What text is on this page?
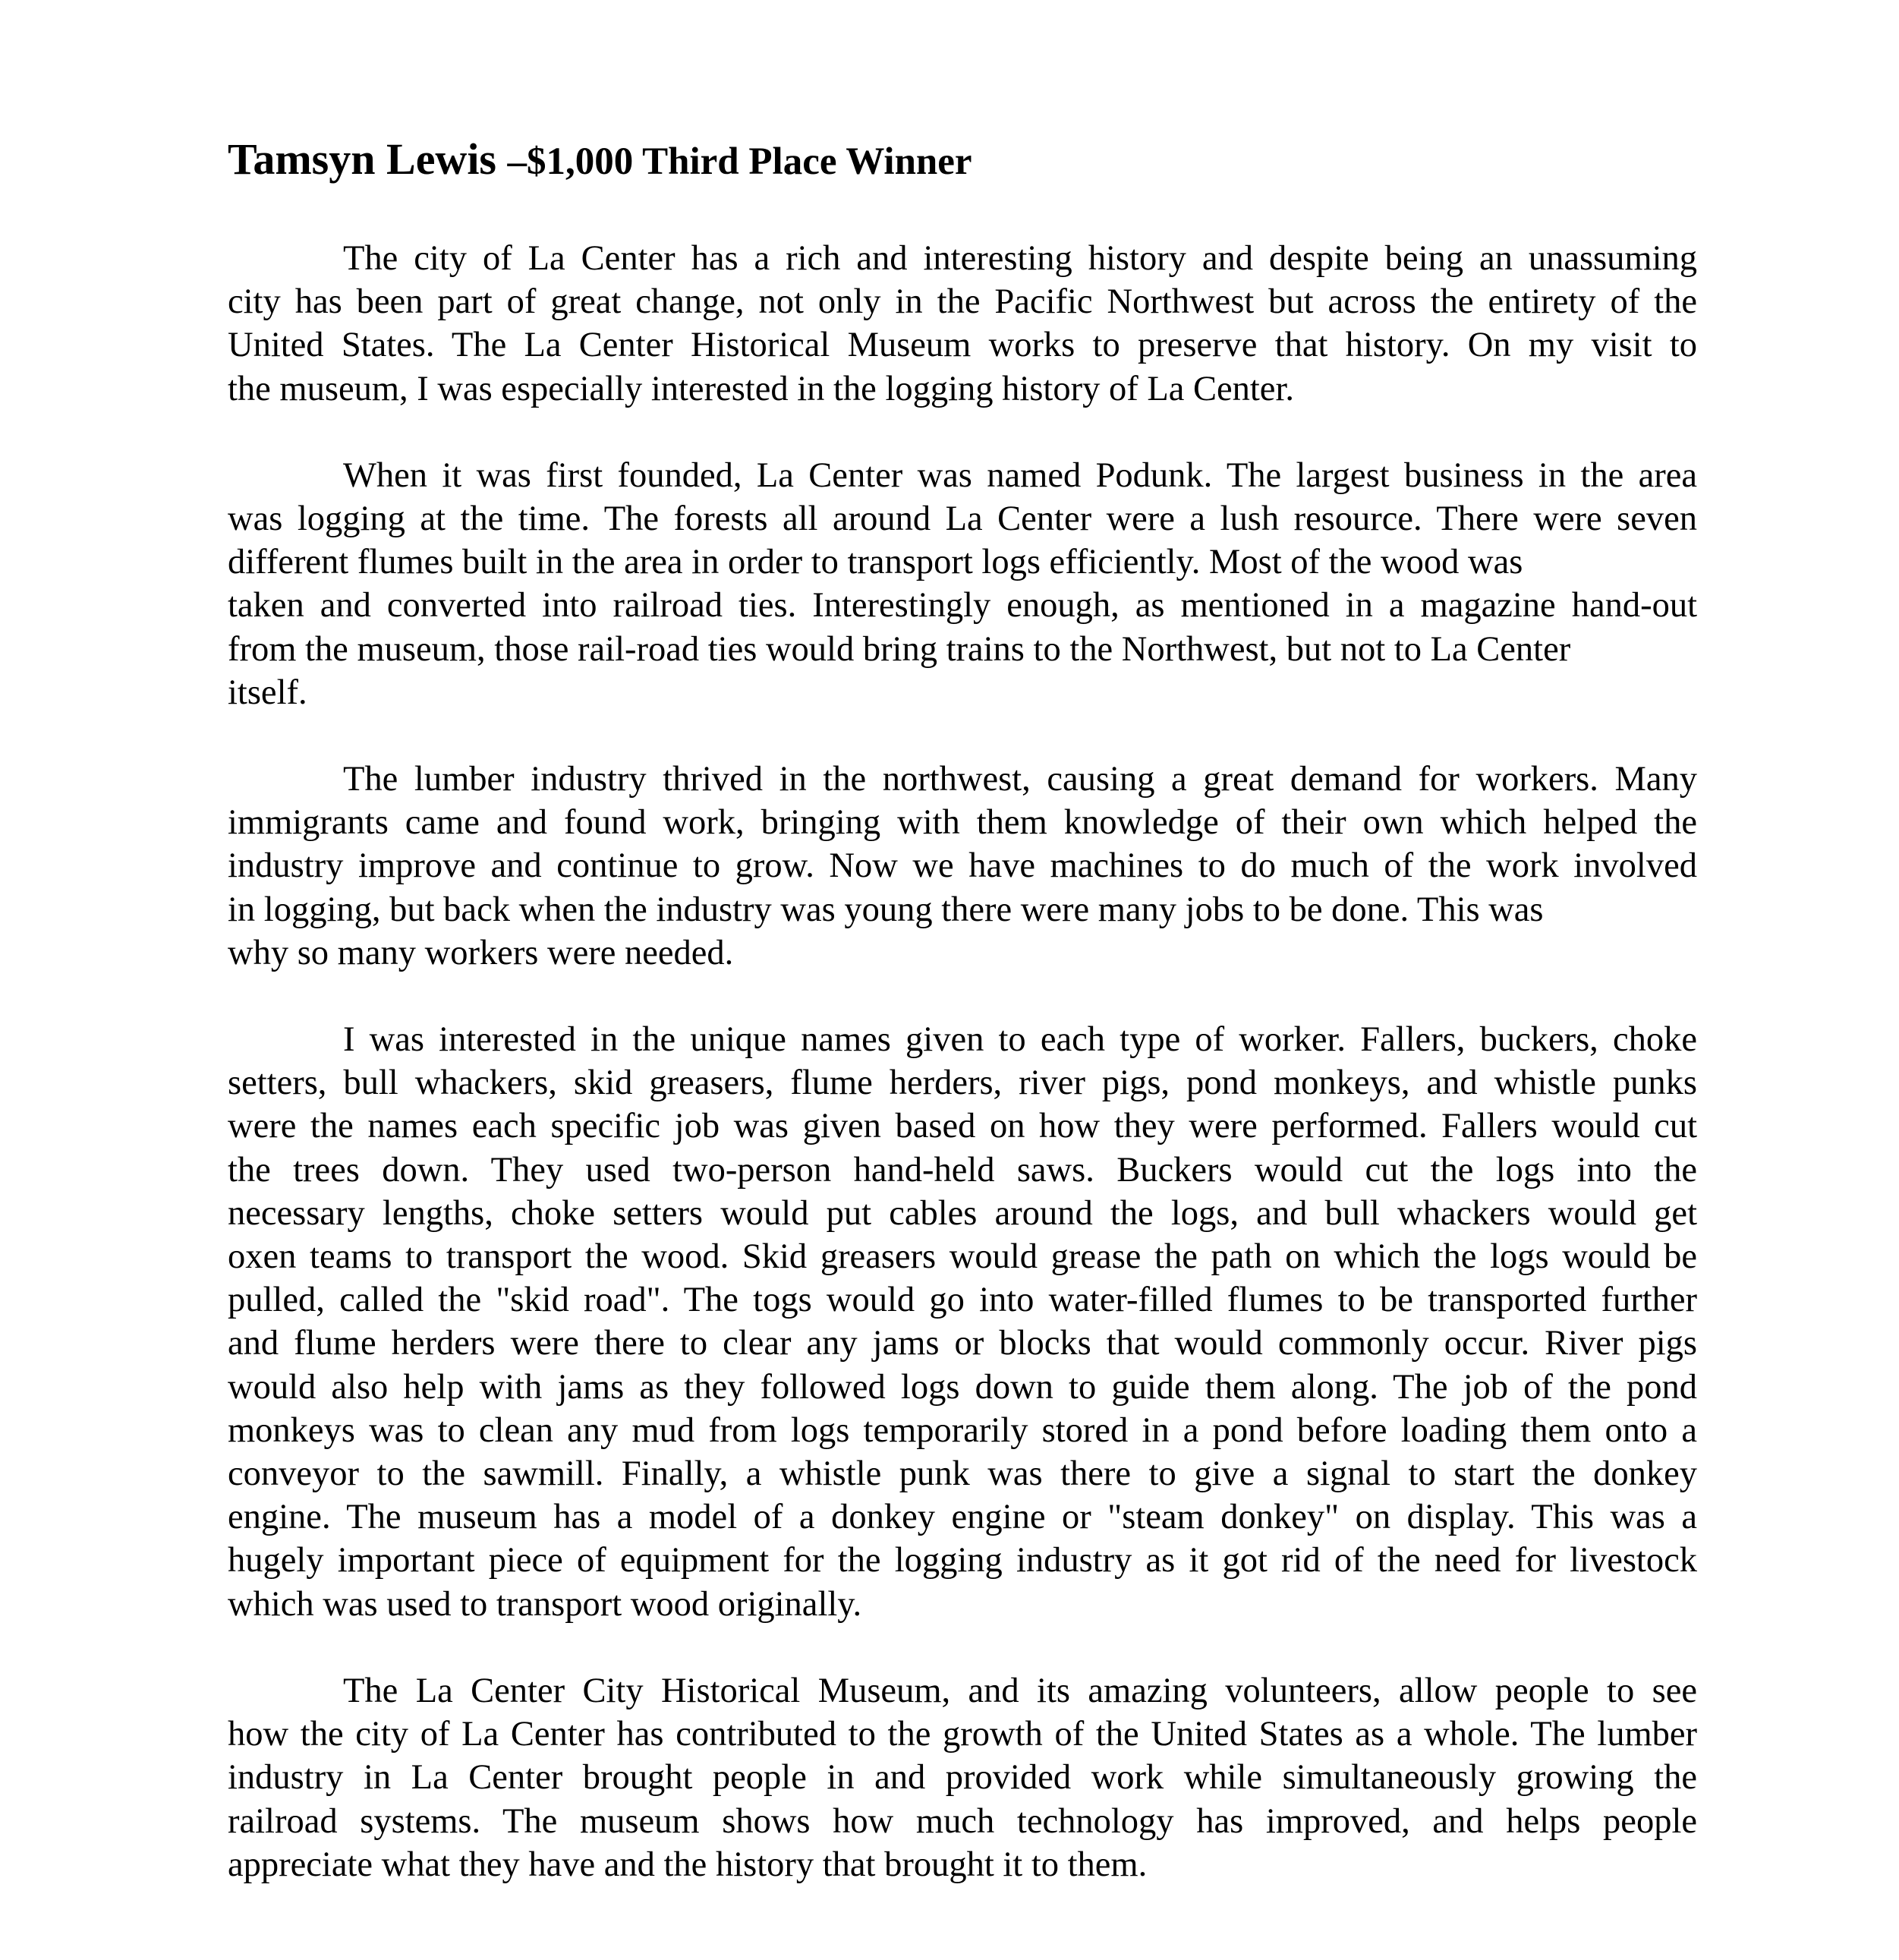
Tamsyn Lewis –$1,000 Third Place Winner

The city of La Center has a rich and interesting history and despite being an unassuming
city has been part of great change, not only in the Pacific Northwest but across the entirety of the
United States. The La Center Historical Museum works to preserve that history. On my visit to
the museum, I was especially interested in the logging history of La Center.

When it was first founded, La Center was named Podunk. The largest business in the area
was logging at the time. The forests all around La Center were a lush resource. There were seven
different flumes built in the area in order to transport logs efficiently. Most of the wood was
taken and converted into railroad ties. Interestingly enough, as mentioned in a magazine hand-out
from the museum, those rail-road ties would bring trains to the Northwest, but not to La Center
itself.

The lumber industry thrived in the northwest, causing a great demand for workers. Many
immigrants came and found work, bringing with them knowledge of their own which helped the
industry improve and continue to grow. Now we have machines to do much of the work involved
in logging, but back when the industry was young there were many jobs to be done. This was
why so many workers were needed.

I was interested in the unique names given to each type of worker. Fallers, buckers, choke
setters, bull whackers, skid greasers, flume herders, river pigs, pond monkeys, and whistle punks
were the names each specific job was given based on how they were performed. Fallers would cut
the trees down. They used two-person hand-held saws. Buckers would cut the logs into the
necessary lengths, choke setters would put cables around the logs, and bull whackers would get
oxen teams to transport the wood. Skid greasers would grease the path on which the logs would be
pulled, called the "skid road". The togs would go into water-filled flumes to be transported further
and flume herders were there to clear any jams or blocks that would commonly occur. River pigs
would also help with jams as they followed logs down to guide them along. The job of the pond
monkeys was to clean any mud from logs temporarily stored in a pond before loading them onto a
conveyor to the sawmill. Finally, a whistle punk was there to give a signal to start the donkey
engine. The museum has a model of a donkey engine or "steam donkey" on display. This was a
hugely important piece of equipment for the logging industry as it got rid of the need for livestock
which was used to transport wood originally.

The La Center City Historical Museum, and its amazing volunteers, allow people to see
how the city of La Center has contributed to the growth of the United States as a whole. The lumber
industry in La Center brought people in and provided work while simultaneously growing the
railroad systems. The museum shows how much technology has improved, and helps people
appreciate what they have and the history that brought it to them.
